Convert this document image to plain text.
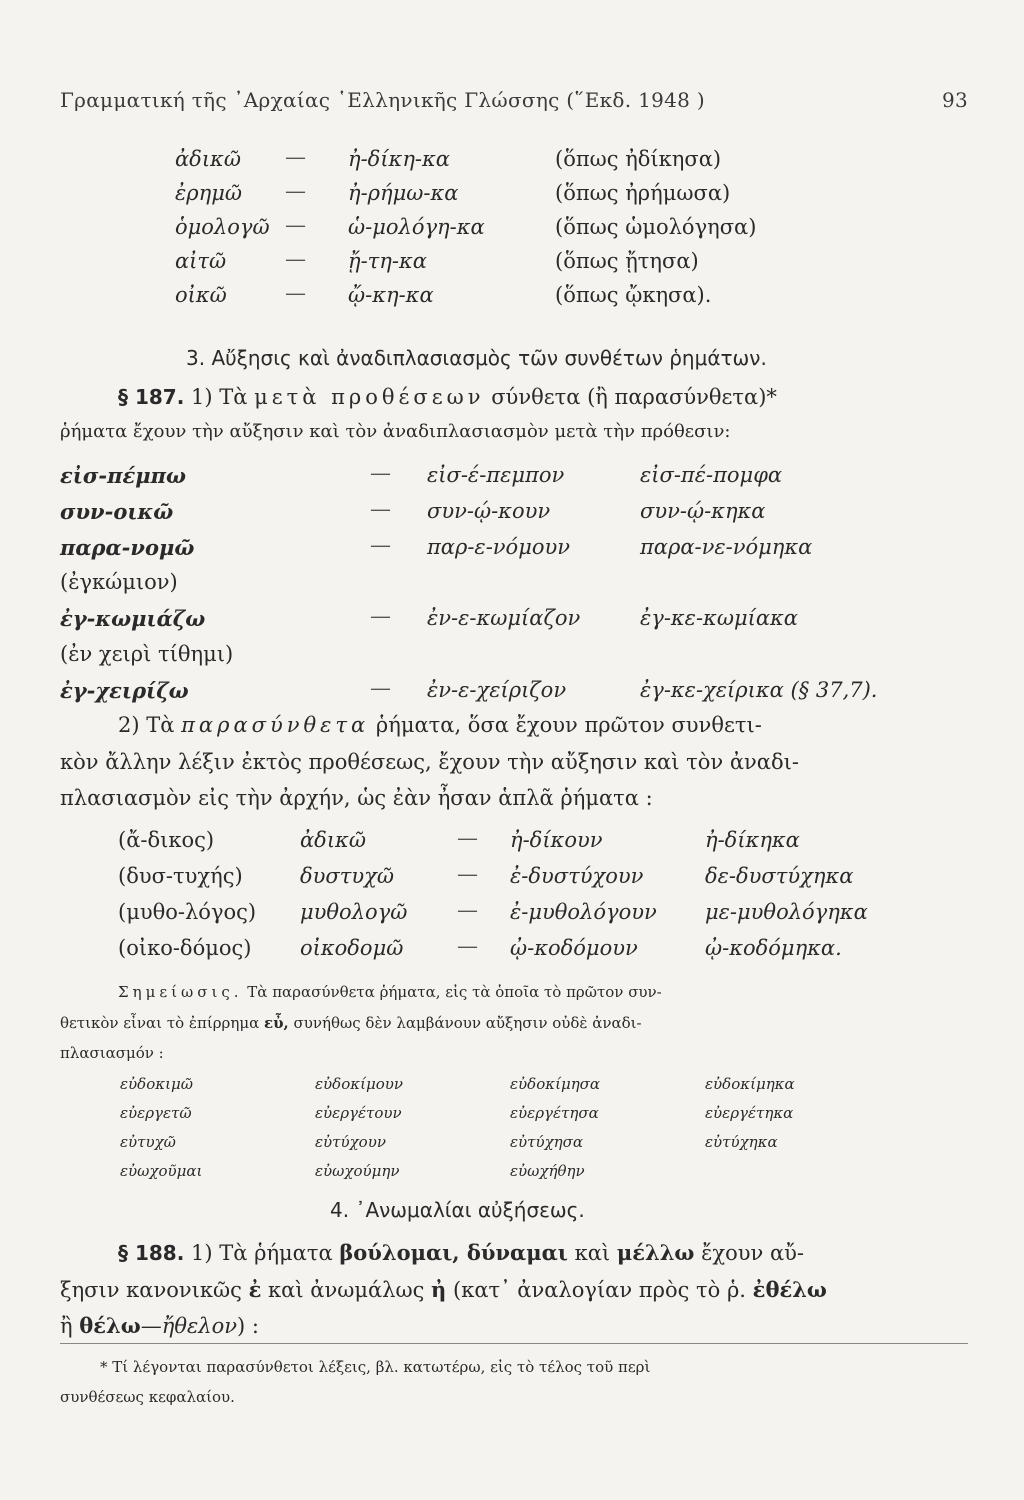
Γραμματική τῆς ᾽Αρχαίας ῾Ελληνικῆς Γλώσσης (῞Εκδ. 1948 )	93
ἀδικῶ — ἠ-δίκη-κα	(ὅπως ἠδίκησα)
ἐρημῶ — ἠ-ρήμω-κα	(ὅπως ἠρήμωσα)
ὁμολογῶ — ὡ-μολόγη-κα	(ὅπως ὡμολόγησα)
αἰτῶ	— ᾔ-τη-κα	(ὅπως ᾔτησα)
οἰκῶ	— ᾤ-κη-κα	(ὅπως ᾤκησα).
3. Αὔξησις καὶ ἀναδιπλασιασμὸς τῶν συνθέτων ῥημάτων.
§ 187. 1) Τὰ μετὰ προθέσεων σύνθετα (ἢ παρασύνθετα)*
ῥήματα ἔχουν τὴν αὔξησιν καὶ τὸν ἀναδιπλασιασμὸν μετὰ τὴν πρόθεσιν:
εἰσ-πέμπω	— εἰσ-έ-πεμπον	εἰσ-πέ-πομφα
συν-οικῶ	— συν-ῴ-κουν	συν-ῴ-κηκα
παρα-νομῶ	— παρ-ε-νόμουν	παρα-νε-νόμηκα
(ἐγκώμιον)
ἐγ-κωμιάζω	— ἐν-ε-κωμίαζον	ἐγ-κε-κωμίακα
(ἐν χειρὶ τίθημι)
ἐγ-χειρίζω	— ἐν-ε-χείριζον	ἐγ-κε-χείρικα (§ 37,7).
2) Τὰ παρασύνθετα ῥήματα, ὅσα ἔχουν πρῶτον συνθετι-
κὸν ἄλλην λέξιν ἐκτὸς προθέσεως, ἔχουν τὴν αὔξησιν καὶ τὸν ἀναδι-
πλασιασμὸν εἰς τὴν ἀρχήν, ὡς ἐὰν ἦσαν ἁπλᾶ ῥήματα :
(ἄ-δικος)	ἀδικῶ	— ἠ-δίκουν	ἠ-δίκηκα
(δυσ-τυχής)	δυστυχῶ	— ἐ-δυστύχουν	δε-δυστύχηκα
(μυθο-λόγος) μυθολογῶ — ἐ-μυθολόγουν με-μυθολόγηκα
(οἰκο-δόμος) οἰκοδομῶ	— ᾠ-κοδόμουν	ᾠ-κοδόμηκα.
Σημείωσις. Τὰ παρασύνθετα ῥήματα, εἰς τὰ ὁποῖα τὸ πρῶτον συν-
θετικὸν εἶναι τὸ ἐπίρρημα εὖ, συνήθως δὲν λαμβάνουν αὔξησιν οὐδὲ ἀναδι-
πλασιασμόν :
εὐδοκιμῶ	εὐδοκίμουν	εὐδοκίμησα	εὐδοκίμηκα
εὐεργετῶ	εὐεργέτουν	εὐεργέτησα	εὐεργέτηκα
εὐτυχῶ	εὐτύχουν	εὐτύχησα	εὐτύχηκα
εὐωχοῦμαι	εὐωχούμην	εὐωχήθην
4. ᾿Ανωμαλίαι αὐξήσεως.
§ 188. 1) Τὰ ῥήματα βούλομαι, δύναμαι καὶ μέλλω ἔχουν αὔ-
ξησιν κανονικῶς ἐ καὶ ἀνωμάλως ἠ (κατ᾿ ἀναλογίαν πρὸς τὸ ῥ. ἐθέλω
ἢ θέλω—ἤθελον) :
* Τί λέγονται παρασύνθετοι λέξεις, βλ. κατωτέρω, εἰς τὸ τέλος τοῦ περὶ
συνθέσεως κεφαλαίου.
